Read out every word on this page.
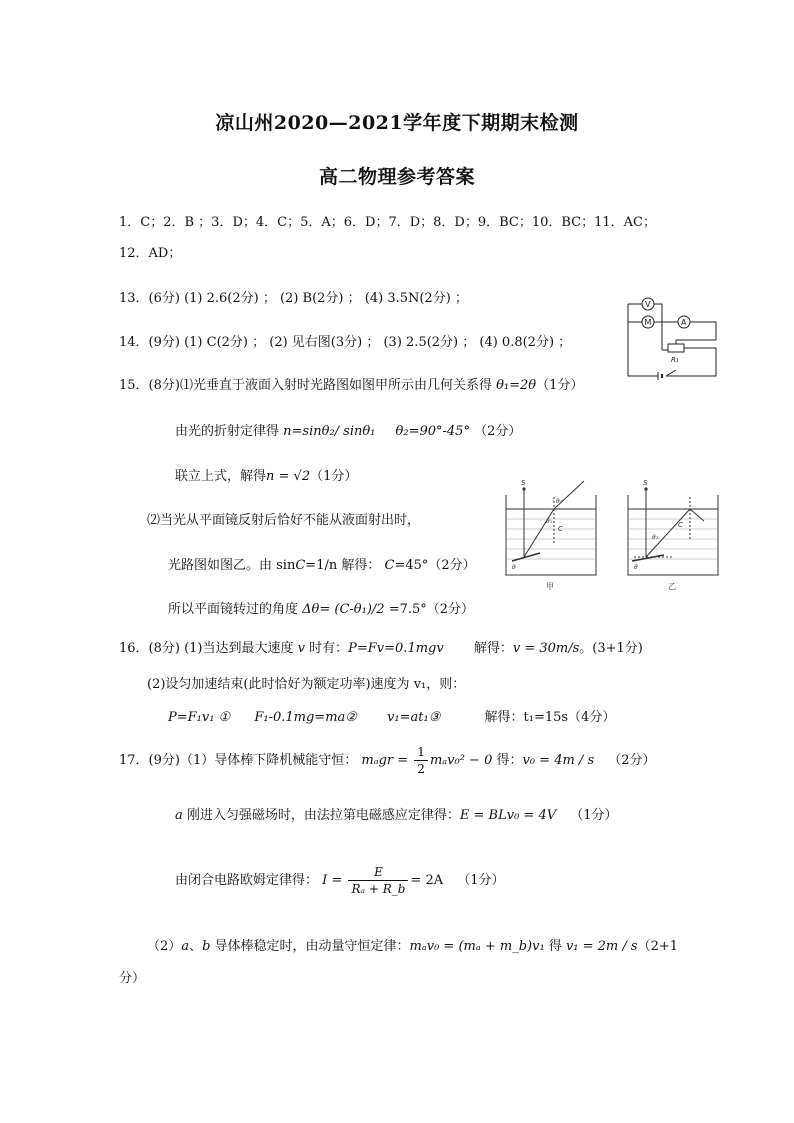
凉山州2020—2021学年度下期期末检测
高二物理参考答案
1．C；2．B ；3．D；4．C；5．A；6．D；7．D；8．D；9．BC；10．BC；11．AC；
12．AD；
13．(6分) (1) 2.6(2分) ； (2) B(2分) ； (4) 3.5N(2分) ；
14．(9分) (1) C(2分) ； (2) 见右图(3分) ； (3) 2.5(2分) ； (4) 0.8(2分) ；
15．(8分)⑴光垂直于液面入射时光路图如图甲所示由几何关系得 θ₁=2θ（1分）
由光的折射定律得 n=sinθ₂/ sinθ₁ θ₂=90°-45° （2分）
联立上式，解得n = √2（1分）
⑵当光从平面镜反射后恰好不能从液面射出时，
光路图如图乙。由 sinC=1/n 解得： C=45°（2分）
所以平面镜转过的角度 Δθ= (C-θ₁)/2 =7.5°（2分）
16．(8分) (1)当达到最大速度 v 时有：P=Fv=0.1mgv 解得：v = 30m/s。(3+1分)
(2)设匀加速结束(此时恰好为额定功率)速度为 v₁，则：
P=F₁v₁ ① F₁-0.1mg=ma② v₁=at₁③	解得：t₁=15s（4分）
17．(9分)（1）导体棒下降机械能守恒： $m_agr = \frac{1}{2} m_av_0^2 - 0$ 得：v₀ = 4m / s （2分）
a 刚进入匀强磁场时，由法拉第电磁感应定律得：E = BLv₀ = 4V （1分）
由闭合电路欧姆定律得： $I = \frac{E}{\text{Rₐ + R\_b}} = 2A$ （1分）
（2）a、b 导体棒稳定时，由动量守恒定律：mₐv₀ = (mₐ + m_b)v₁ 得 v₁ = 2m / s（2+1
分）
V
M	A
R₁
S
C
θ₂
θ₁
θ
甲
S
C
θ₁
θ
乙
